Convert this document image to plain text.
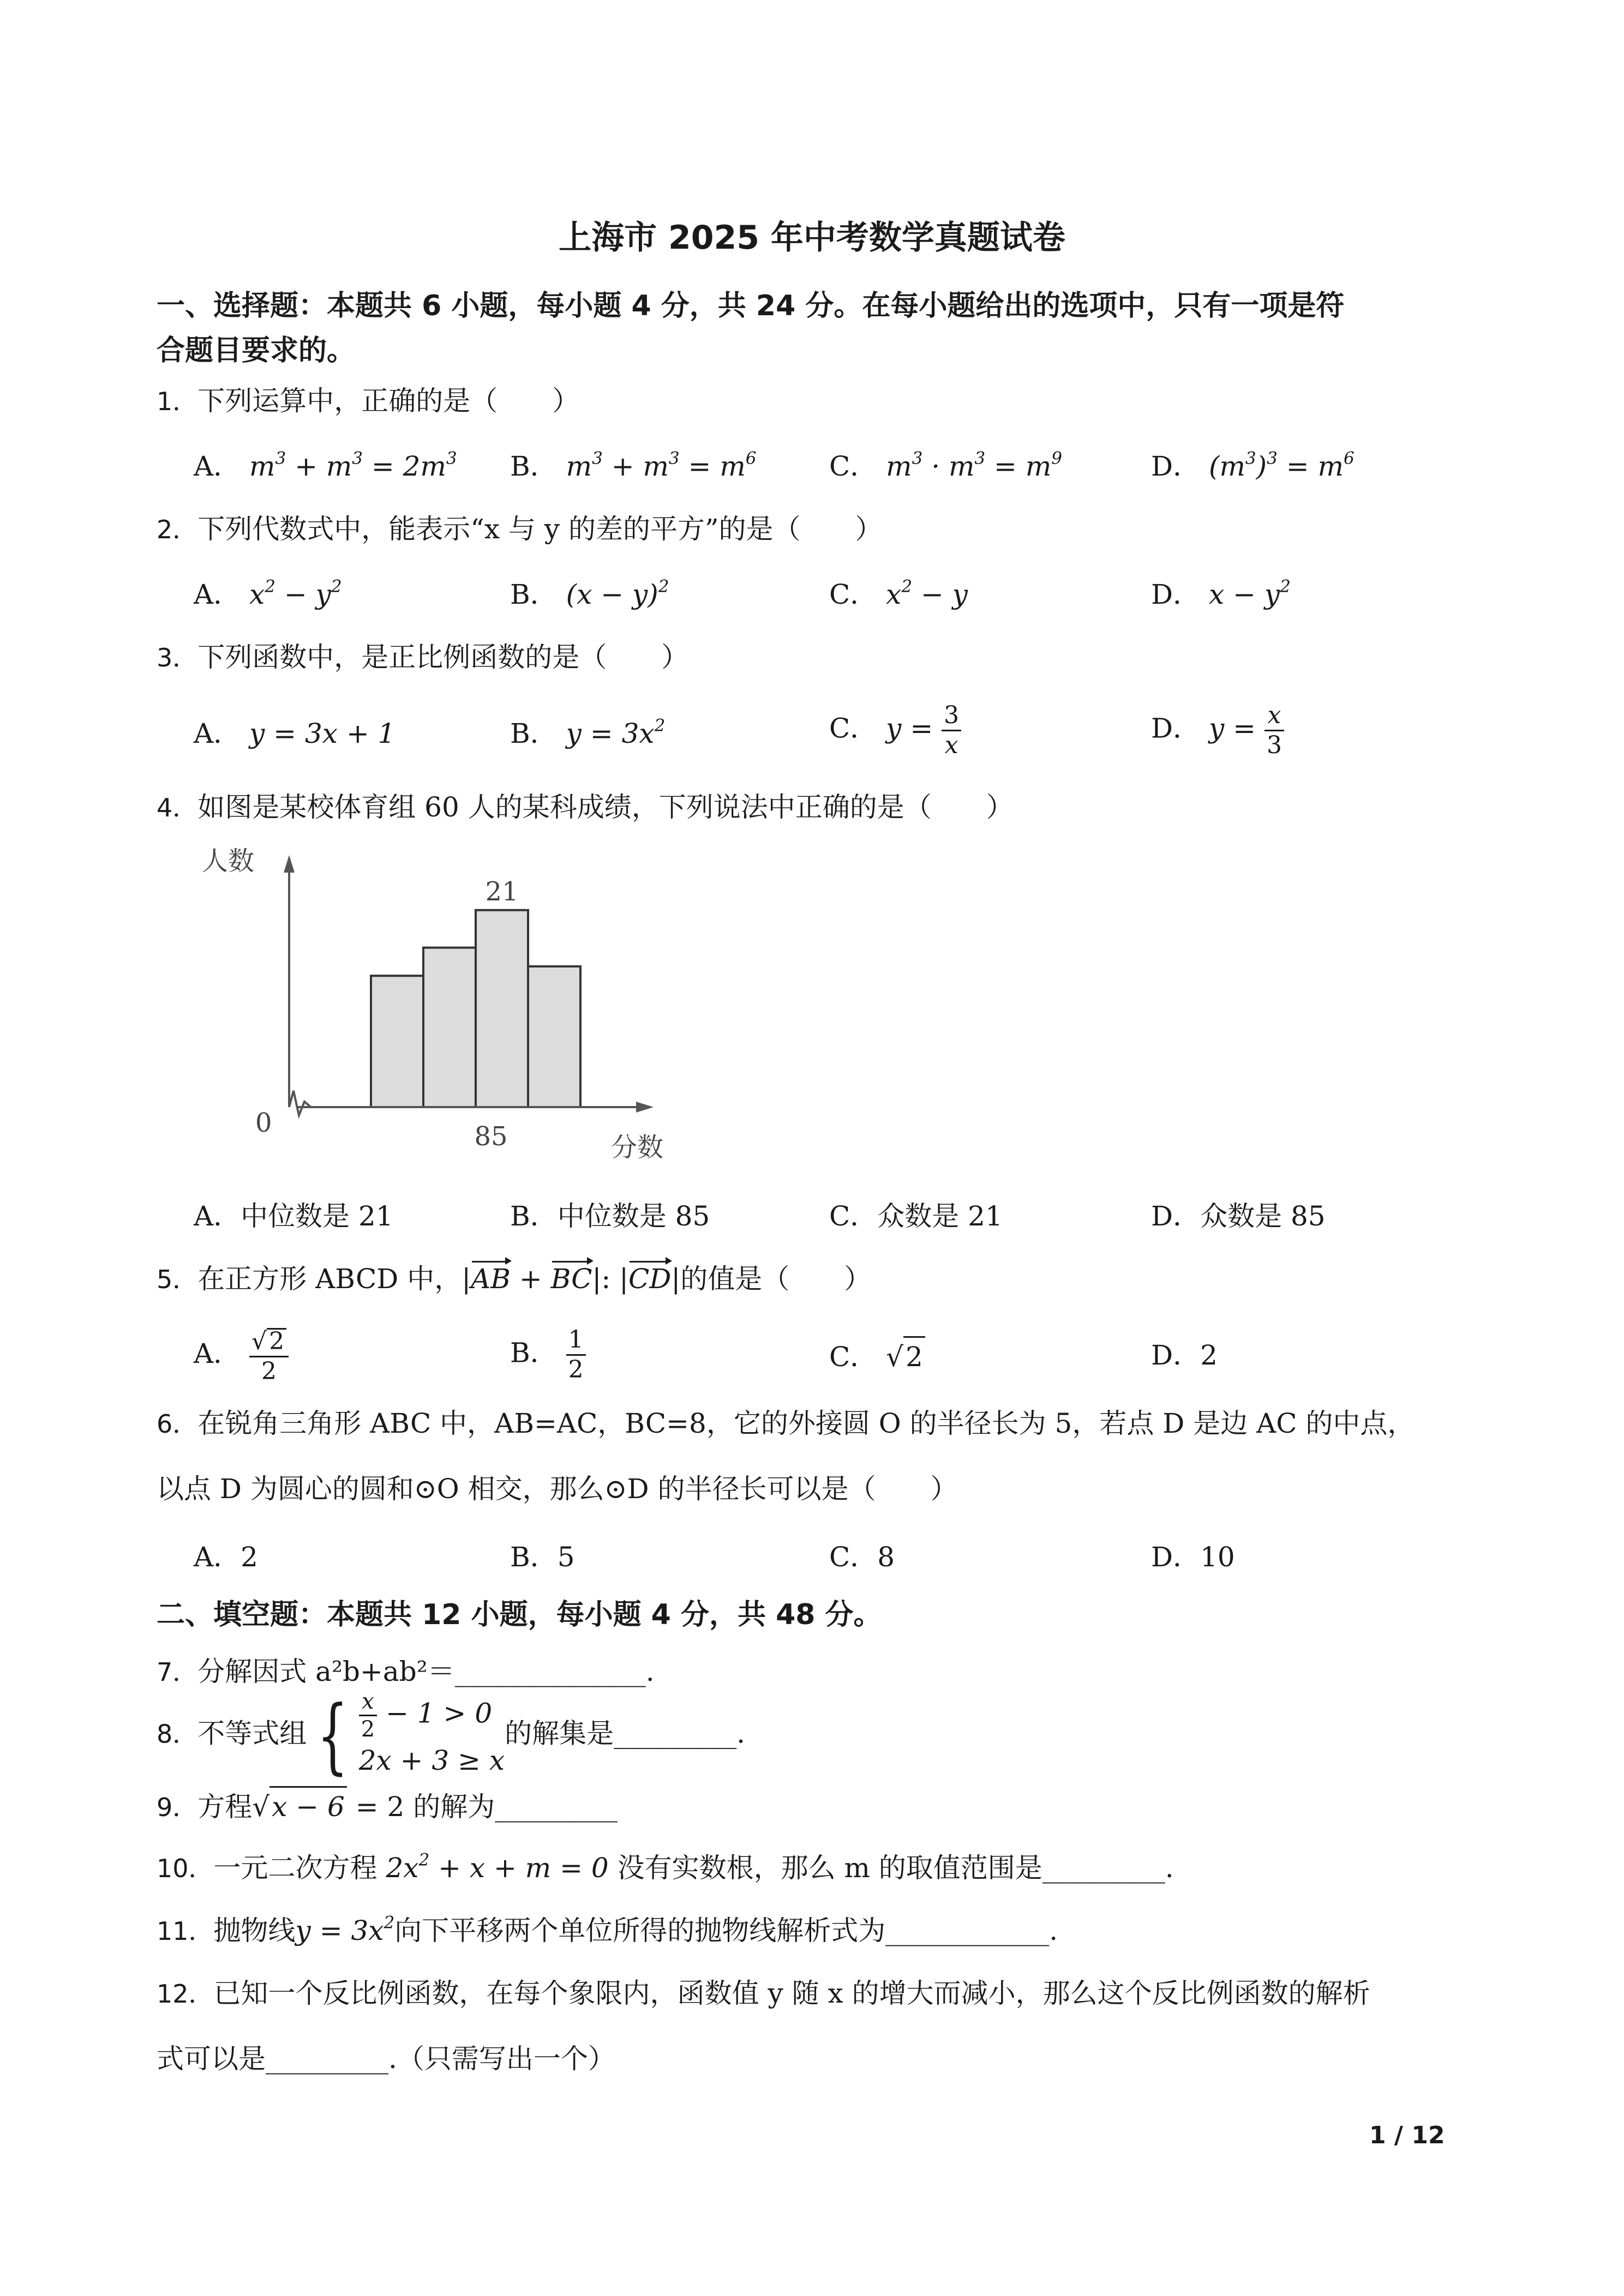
上海市 2025 年中考数学真题试卷
一、选择题：本题共 6 小题，每小题 4 分，共 24 分。在每小题给出的选项中，只有一项是符
合题目要求的。
1．下列运算中，正确的是（　　）
A． $m^3 + m^3 = 2m^3$ B． $m^3 + m^3 = m^6$	C． $m^3 \cdot m^3 = m^9$	D． $(m^3)^3 = m^6$
2．下列代数式中，能表示“x 与 y 的差的平方”的是（　　）
A． $x^2 - y^2$	B． $(x - y)^2$	C． $x^2 - y$	D． $x - y^2$
3．下列函数中，是正比例函数的是（　　）
A． y = 3x + 1	B． $y = 3x^2$	C． $y = \frac{3}{x}$	D． $y = \frac{x}{3}$
4．如图是某校体育组 60 人的某科成绩，下列说法中正确的是（　　）
人数
0	85	分数
21
A．中位数是 21	B．中位数是 85	C．众数是 21	D．众数是 85
5．在正方形 ABCD 中，|AB + BC|: |CD|的值是（　　）
A． $\frac{√2}{2}$	B． $\frac{1}{2}$	C． √2	D．2
6．在锐角三角形 ABC 中，AB=AC，BC=8，它的外接圆 O 的半径长为 5，若点 D 是边 AC 的中点，
以点 D 为圆心的圆和⊙O 相交，那么⊙D 的半径长可以是（　　）
A．2	B．5	C．8	D．10
二、填空题：本题共 12 小题，每小题 4 分，共 48 分。
7．分解因式 a²b+ab²＝______________.
8．不等式组 { $\frac{x}{2} - 1 > 0$
2x + 3 ≥ x
的解集是_________.
9．方程√x − 6 = 2 的解为_________
10．一元二次方程 $2x^2 + x + m = 0$ 没有实数根，那么 m 的取值范围是_________.
11．抛物线$y = 3x^2$向下平移两个单位所得的抛物线解析式为____________.
12．已知一个反比例函数，在每个象限内，函数值 y 随 x 的增大而减小，那么这个反比例函数的解析
式可以是_________.（只需写出一个）
1 / 12
